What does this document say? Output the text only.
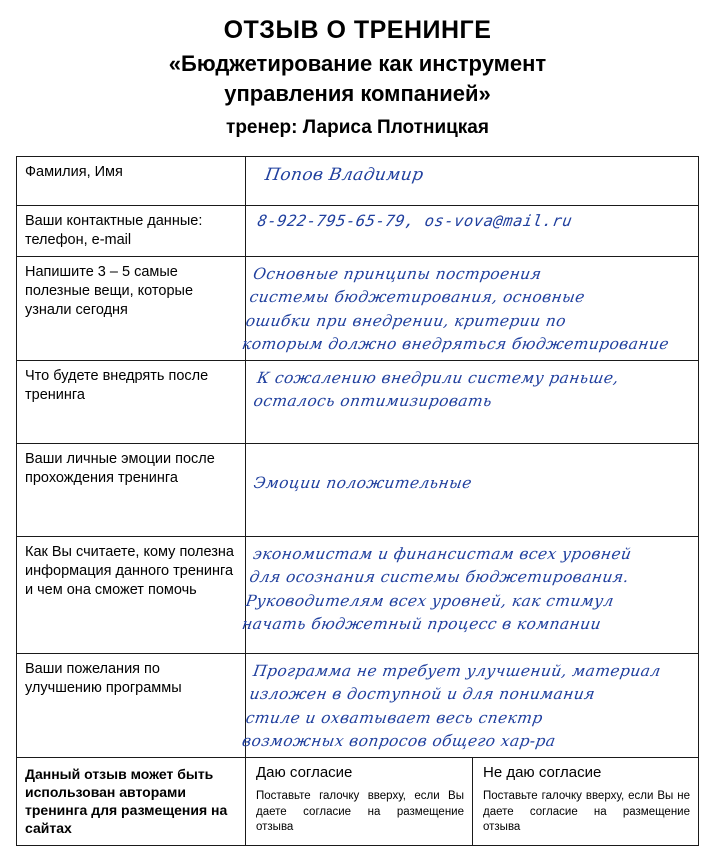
ОТЗЫВ О ТРЕНИНГЕ
«Бюджетирование как инструмент
управления компанией»
тренер: Лариса Плотницкая
Фамилия, Имя	Попов Владимир

Ваши контактные данные: телефон, e-mail	8-922-795-65-79, os-vova@mail.ru

Напишите 3 – 5 самые полезные вещи, которые узнали сегодня	Основные принципы построения
системы бюджетирования, основные
ошибки при внедрении, критерии по
которым должно внедряться бюджетирование

Что будете внедрять после тренинга	К сожалению внедрили систему раньше,
осталось оптимизировать

Ваши личные эмоции после прохождения тренинга	Эмоции положительные

Как Вы считаете, кому полезна информация данного тренинга и чем она сможет помочь	экономистам и финансистам всех уровней
для осознания системы бюджетирования.
Руководителям всех уровней, как стимул
начать бюджетный процесс в компании

Ваши пожелания по улучшению программы	Программа не требует улучшений, материал
изложен в доступной и для понимания
стиле и охватывает весь спектр
возможных вопросов общего хар-ра

Данный отзыв может быть использован авторами тренинга для размещения на сайтах	Даю согласие
Поставьте галочку вверху, если Вы даете согласие на размещение отзыва
Не даю согласие
Поставьте галочку вверху, если Вы не даете согласие на размещение отзыва
